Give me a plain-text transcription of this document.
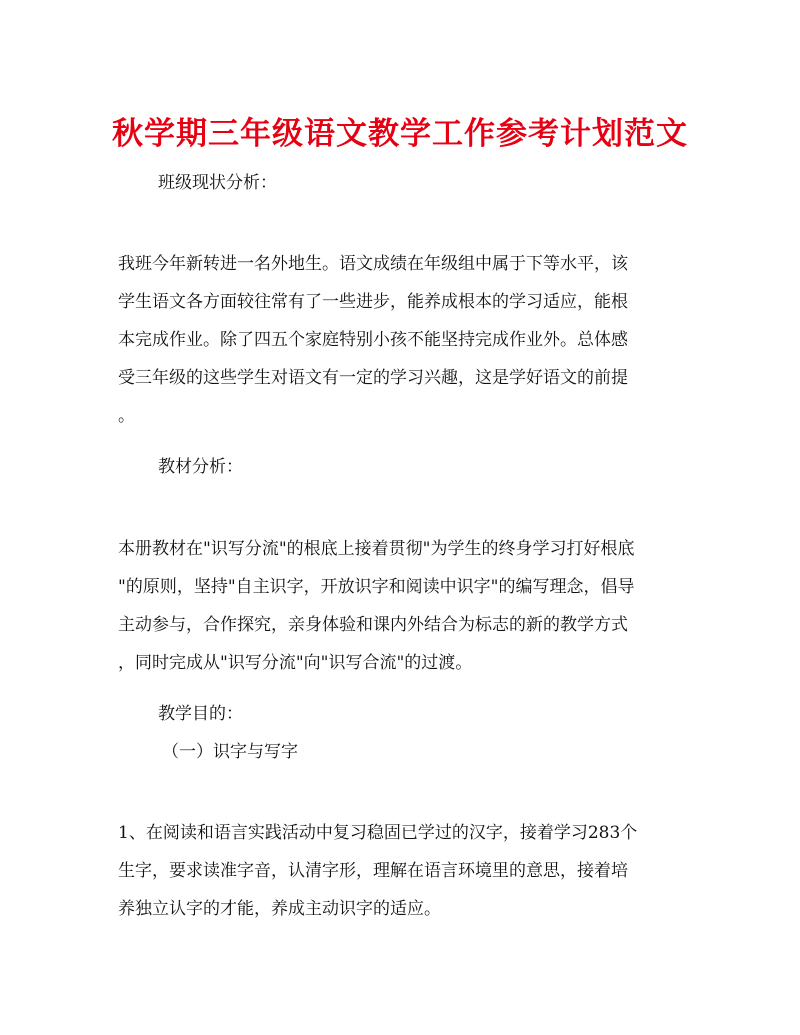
秋学期三年级语文教学工作参考计划范文

班级现状分析：

我班今年新转进一名外地生。语文成绩在年级组中属于下等水平，该

学生语文各方面较往常有了一些进步，能养成根本的学习适应，能根

本完成作业。除了四五个家庭特别小孩不能坚持完成作业外。总体感

受三年级的这些学生对语文有一定的学习兴趣，这是学好语文的前提

。

教材分析：

本册教材在"识写分流"的根底上接着贯彻"为学生的终身学习打好根底

"的原则，坚持"自主识字，开放识字和阅读中识字"的编写理念，倡导

主动参与，合作探究，亲身体验和课内外结合为标志的新的教学方式

，同时完成从"识写分流"向"识写合流"的过渡。

教学目的：

（一）识字与写字

1、在阅读和语言实践活动中复习稳固已学过的汉字，接着学习283个

生字，要求读准字音，认清字形，理解在语言环境里的意思，接着培

养独立认字的才能，养成主动识字的适应。
